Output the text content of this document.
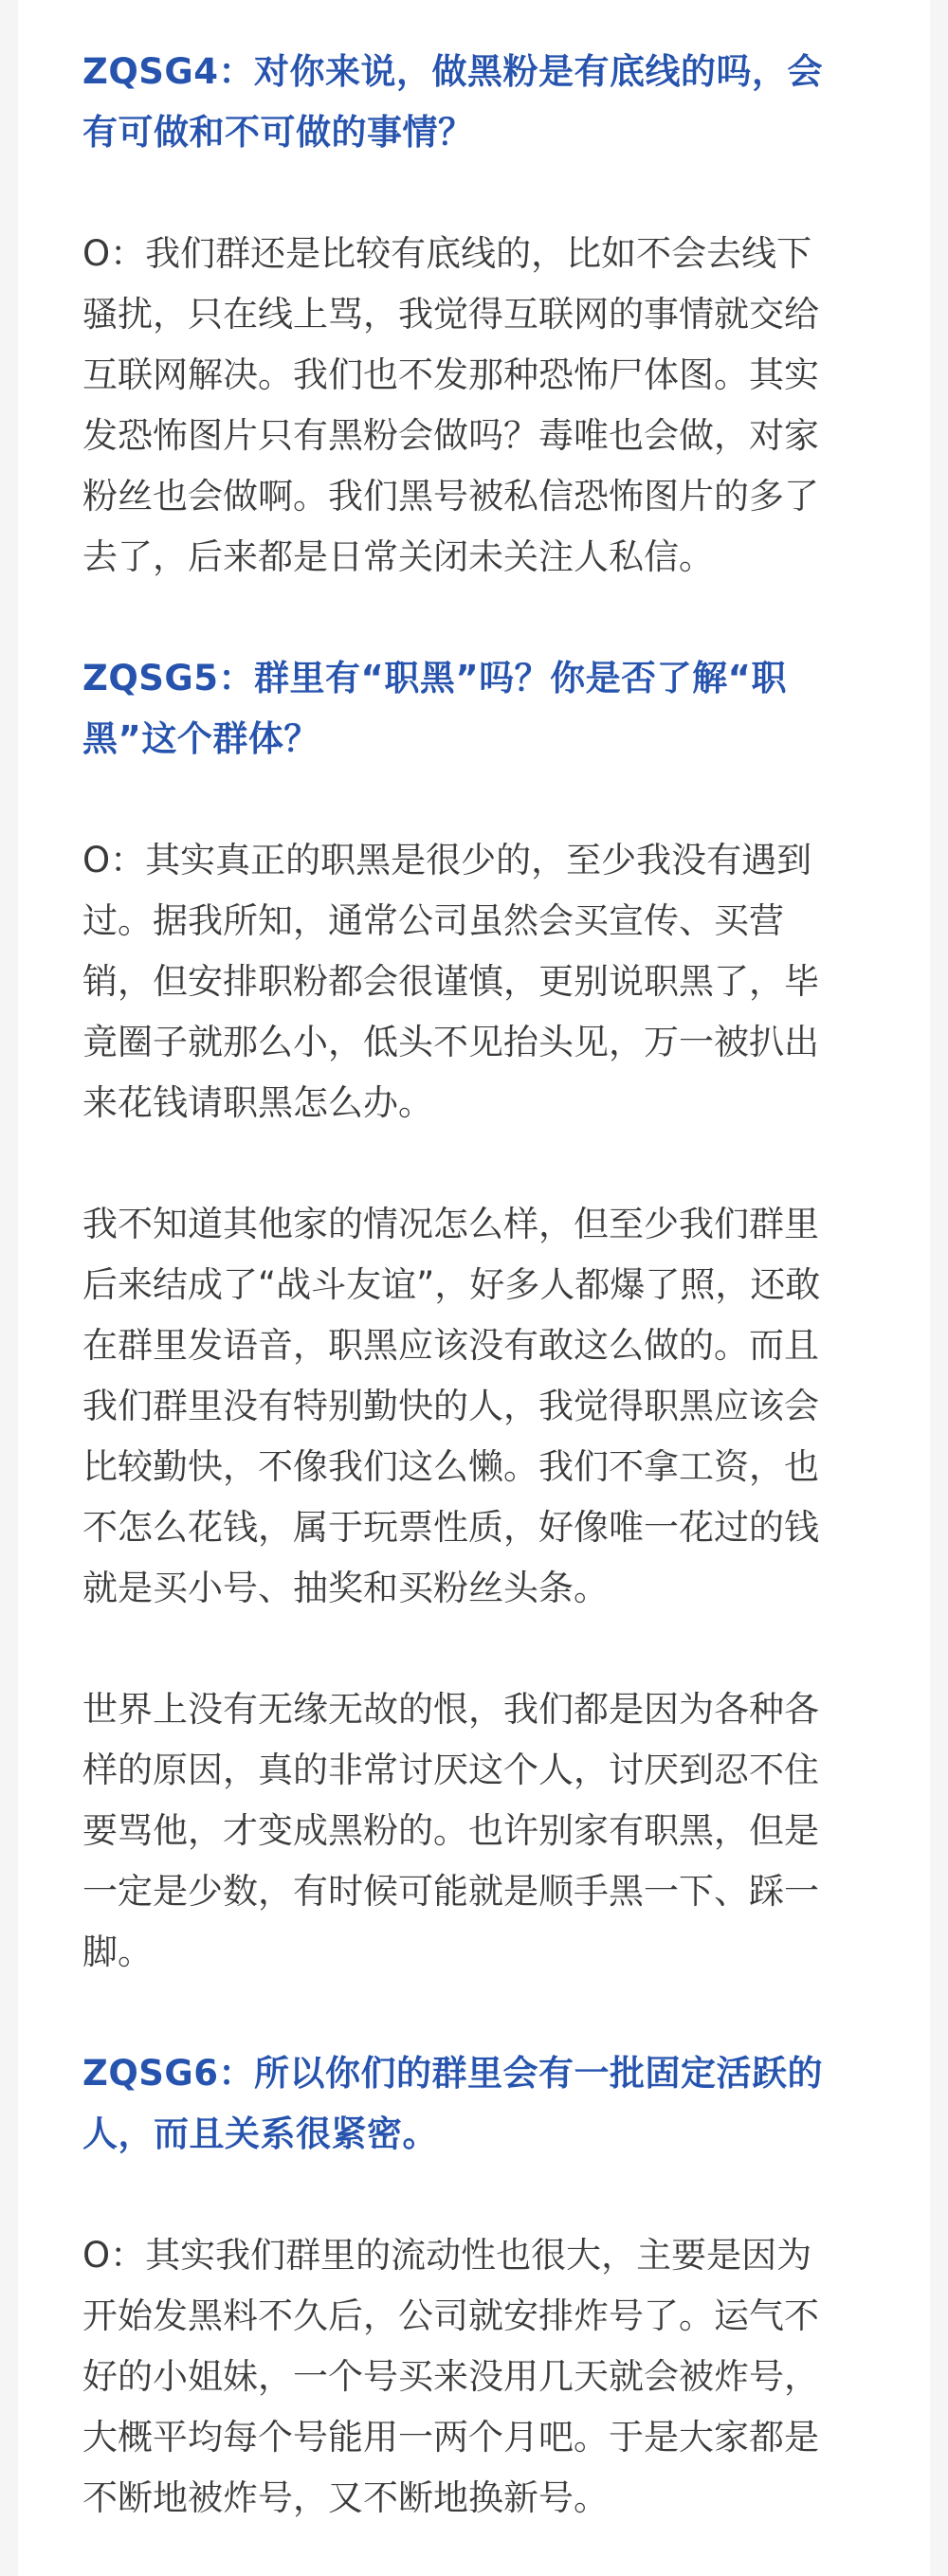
ZQSG4：对你来说，做黑粉是有底线的吗，会

有可做和不可做的事情？

O：我们群还是比较有底线的，比如不会去线下

骚扰，只在线上骂，我觉得互联网的事情就交给

互联网解决。我们也不发那种恐怖尸体图。其实

发恐怖图片只有黑粉会做吗？毒唯也会做，对家

粉丝也会做啊。我们黑号被私信恐怖图片的多了

去了，后来都是日常关闭未关注人私信。

ZQSG5：群里有“职黑”吗？你是否了解“职

黑”这个群体？

O：其实真正的职黑是很少的，至少我没有遇到

过。据我所知，通常公司虽然会买宣传、买营

销，但安排职粉都会很谨慎，更别说职黑了，毕

竟圈子就那么小，低头不见抬头见，万一被扒出

来花钱请职黑怎么办。

我不知道其他家的情况怎么样，但至少我们群里

后来结成了“战斗友谊”，好多人都爆了照，还敢

在群里发语音，职黑应该没有敢这么做的。而且

我们群里没有特别勤快的人，我觉得职黑应该会

比较勤快，不像我们这么懒。我们不拿工资，也

不怎么花钱，属于玩票性质，好像唯一花过的钱

就是买小号、抽奖和买粉丝头条。

世界上没有无缘无故的恨，我们都是因为各种各

样的原因，真的非常讨厌这个人，讨厌到忍不住

要骂他，才变成黑粉的。也许别家有职黑，但是

一定是少数，有时候可能就是顺手黑一下、踩一

脚。

ZQSG6：所以你们的群里会有一批固定活跃的

人，而且关系很紧密。

O：其实我们群里的流动性也很大，主要是因为

开始发黑料不久后，公司就安排炸号了。运气不

好的小姐妹，一个号买来没用几天就会被炸号，

大概平均每个号能用一两个月吧。于是大家都是

不断地被炸号，又不断地换新号。
